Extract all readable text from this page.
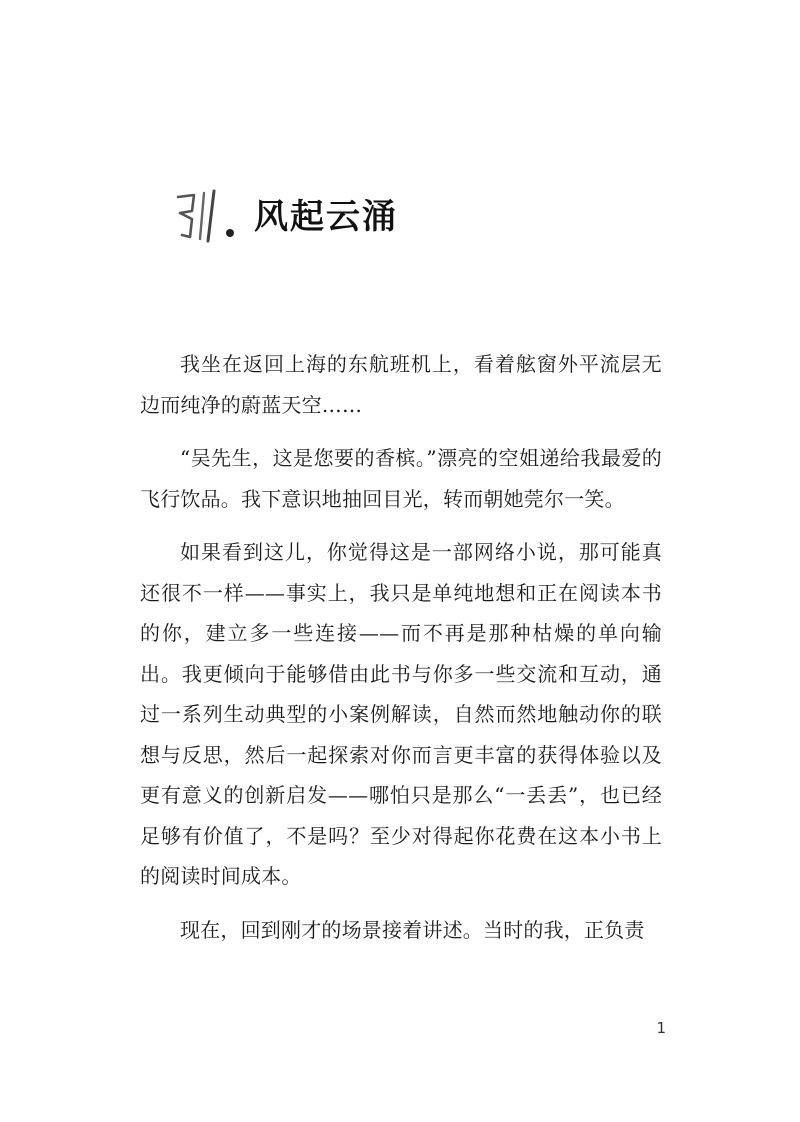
风起云涌

我坐在返回上海的东航班机上，看着舷窗外平流层无边而纯净的蔚蓝天空……

“吴先生，这是您要的香槟。”漂亮的空姐递给我最爱的飞行饮品。我下意识地抽回目光，转而朝她莞尔一笑。

如果看到这儿，你觉得这是一部网络小说，那可能真还很不一样——事实上，我只是单纯地想和正在阅读本书的你，建立多一些连接——而不再是那种枯燥的单向输出。我更倾向于能够借由此书与你多一些交流和互动，通过一系列生动典型的小案例解读，自然而然地触动你的联想与反思，然后一起探索对你而言更丰富的获得体验以及更有意义的创新启发——哪怕只是那么“一丢丢”，也已经足够有价值了，不是吗？至少对得起你花费在这本小书上的阅读时间成本。

现在，回到刚才的场景接着讲述。当时的我，正负责

1
